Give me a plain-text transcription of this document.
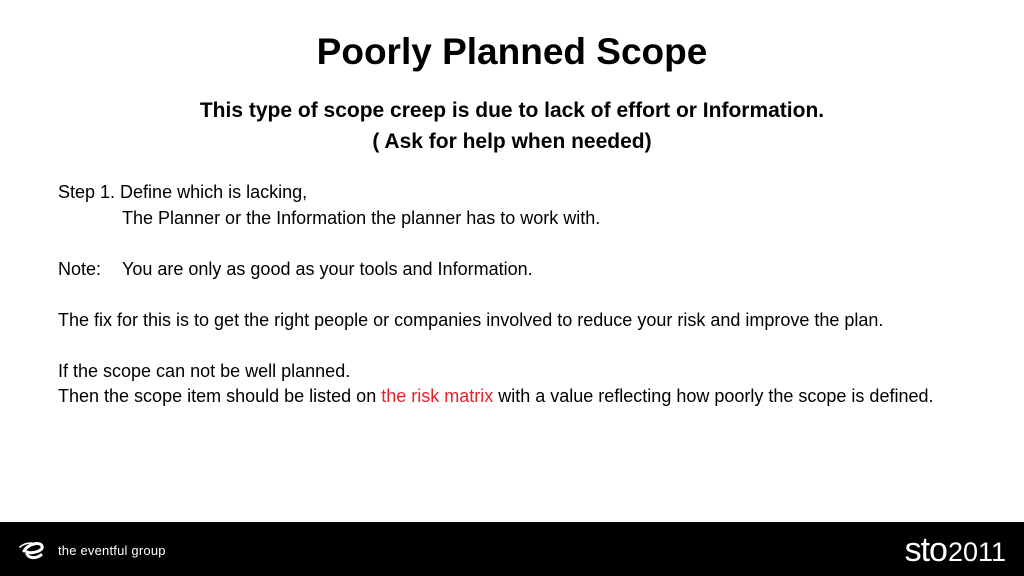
Poorly Planned Scope
This type of scope creep is due to lack of effort or Information.
( Ask for help when needed)

Step 1. Define which is lacking,

The Planner or the Information the planner has to work with.

Note: You are only as good as your tools and Information.

The fix for this is to get the right people or companies involved to reduce your risk and improve the plan.

If the scope can not be well planned.

Then the scope item should be listed on the risk matrix with a value reflecting how poorly the scope is defined.

the eventful group	sto 2011
